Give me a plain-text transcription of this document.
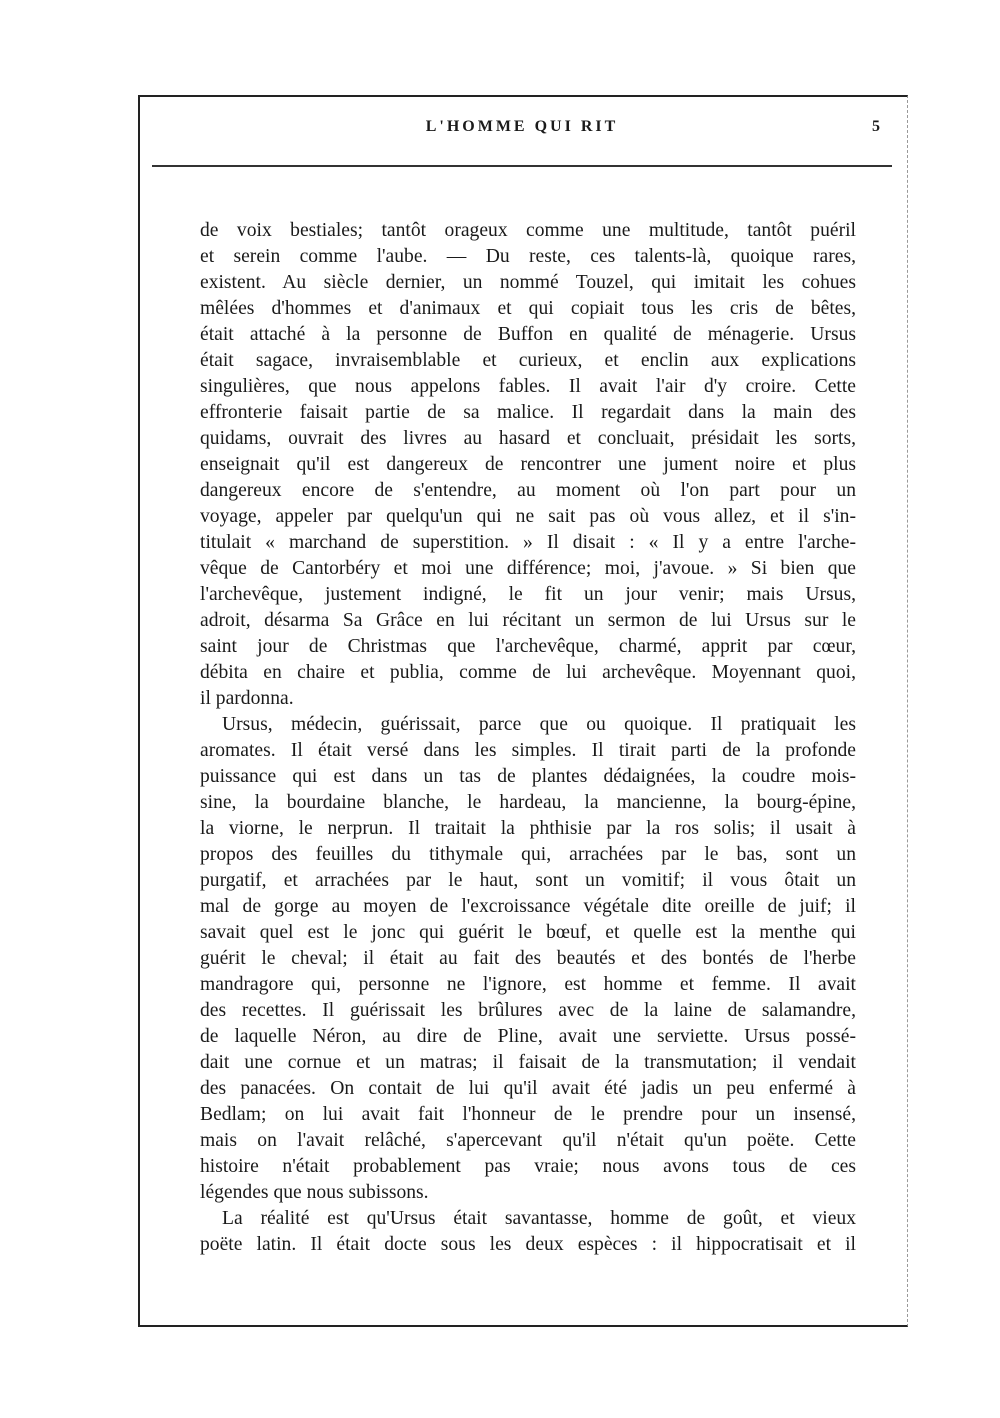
L'HOMME QUI RIT	5
de voix bestiales; tantôt orageux comme une multitude, tantôt puéril
et serein comme l'aube. — Du reste, ces talents-là, quoique rares,
existent. Au siècle dernier, un nommé Touzel, qui imitait les cohues
mêlées d'hommes et d'animaux et qui copiait tous les cris de bêtes,
était attaché à la personne de Buffon en qualité de ménagerie. Ursus
était sagace, invraisemblable et curieux, et enclin aux explications
singulières, que nous appelons fables. Il avait l'air d'y croire. Cette
effronterie faisait partie de sa malice. Il regardait dans la main des
quidams, ouvrait des livres au hasard et concluait, présidait les sorts,
enseignait qu'il est dangereux de rencontrer une jument noire et plus
dangereux encore de s'entendre, au moment où l'on part pour un
voyage, appeler par quelqu'un qui ne sait pas où vous allez, et il s'in-
titulait « marchand de superstition. » Il disait : « Il y a entre l'arche-
vêque de Cantorbéry et moi une différence; moi, j'avoue. » Si bien que
l'archevêque, justement indigné, le fit un jour venir; mais Ursus,
adroit, désarma Sa Grâce en lui récitant un sermon de lui Ursus sur le
saint jour de Christmas que l'archevêque, charmé, apprit par cœur,
débita en chaire et publia, comme de lui archevêque. Moyennant quoi,
il pardonna.
Ursus, médecin, guérissait, parce que ou quoique. Il pratiquait les
aromates. Il était versé dans les simples. Il tirait parti de la profonde
puissance qui est dans un tas de plantes dédaignées, la coudre mois-
sine, la bourdaine blanche, le hardeau, la mancienne, la bourg-épine,
la viorne, le nerprun. Il traitait la phthisie par la ros solis; il usait à
propos des feuilles du tithymale qui, arrachées par le bas, sont un
purgatif, et arrachées par le haut, sont un vomitif; il vous ôtait un
mal de gorge au moyen de l'excroissance végétale dite oreille de juif; il
savait quel est le jonc qui guérit le bœuf, et quelle est la menthe qui
guérit le cheval; il était au fait des beautés et des bontés de l'herbe
mandragore qui, personne ne l'ignore, est homme et femme. Il avait
des recettes. Il guérissait les brûlures avec de la laine de salamandre,
de laquelle Néron, au dire de Pline, avait une serviette. Ursus possé-
dait une cornue et un matras; il faisait de la transmutation; il vendait
des panacées. On contait de lui qu'il avait été jadis un peu enfermé à
Bedlam; on lui avait fait l'honneur de le prendre pour un insensé,
mais on l'avait relâché, s'apercevant qu'il n'était qu'un poëte. Cette
histoire n'était probablement pas vraie; nous avons tous de ces
légendes que nous subissons.
La réalité est qu'Ursus était savantasse, homme de goût, et vieux
poëte latin. Il était docte sous les deux espèces : il hippocratisait et il
